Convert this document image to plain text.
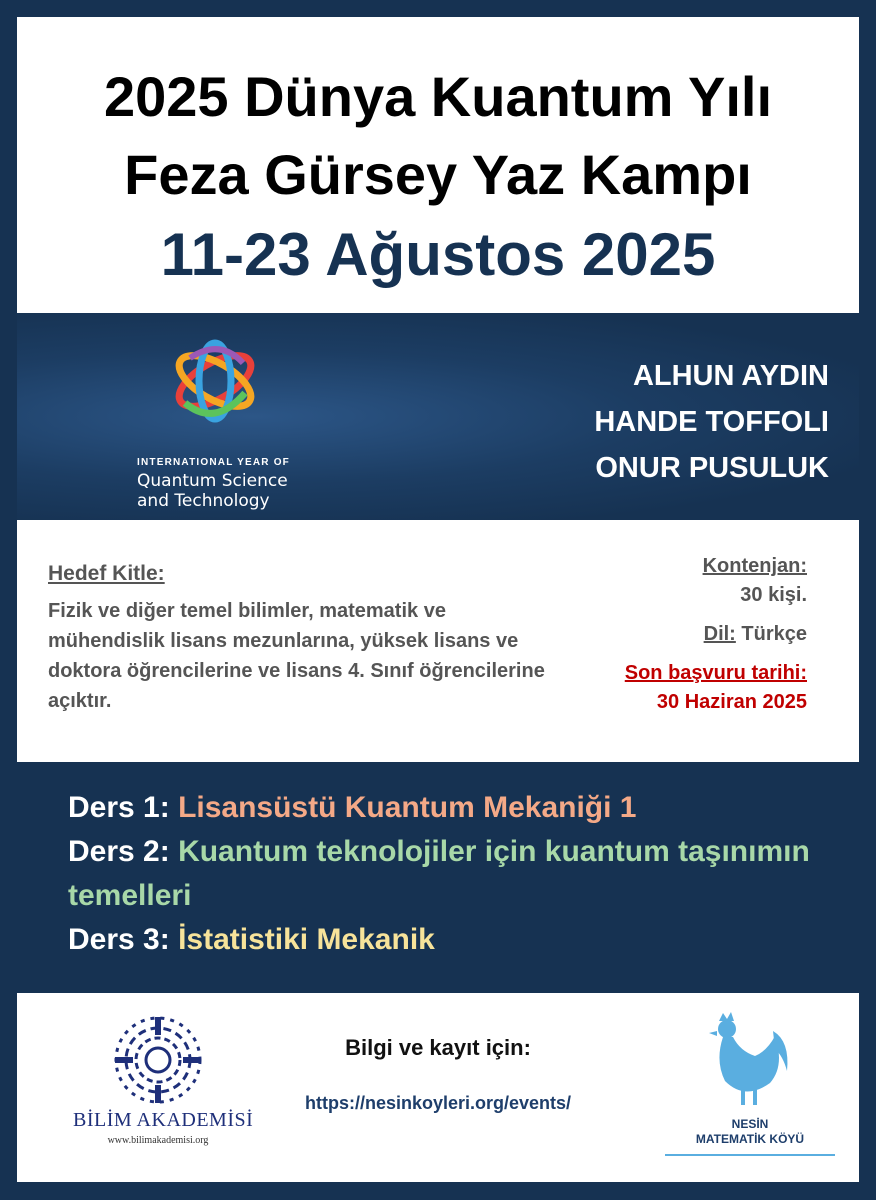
2025 Dünya Kuantum Yılı
Feza Gürsey Yaz Kampı
11-23 Ağustos 2025
INTERNATIONAL YEAR OF
Quantum Science
and Technology
ALHUN AYDIN
HANDE TOFFOLI
ONUR PUSULUK
Hedef Kitle:
Fizik ve diğer temel bilimler, matematik ve mühendislik lisans mezunlarına, yüksek lisans ve doktora öğrencilerine ve lisans 4. Sınıf öğrencilerine açıktır.
Kontenjan:
30 kişi.
Dil: Türkçe
Son başvuru tarihi:
30 Haziran 2025
Ders 1: Lisansüstü Kuantum Mekaniği 1
Ders 2: Kuantum teknolojiler için kuantum taşınımın temelleri
Ders 3: İstatistiki Mekanik
BİLİM AKADEMİSİ
www.bilimakademisi.org
Bilgi ve kayıt için:
https://nesinkoyleri.org/events/
NESİN
MATEMATİK KÖYÜ
